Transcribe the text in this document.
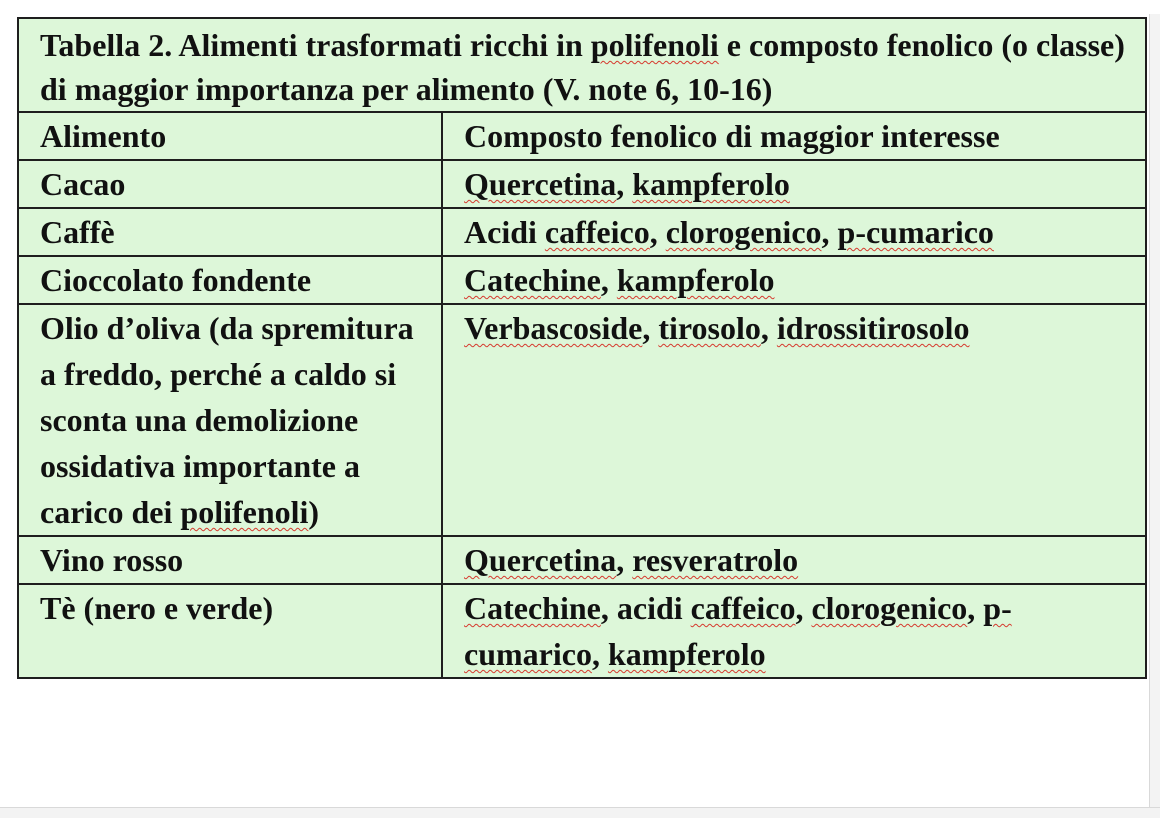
Tabella 2. Alimenti trasformati ricchi in polifenoli e composto fenolico (o classe) di maggior importanza per alimento (V. note 6, 10-16)	
Alimento	Composto fenolico di maggior interesse
Cacao	Quercetina, kampferolo
Caffè	Acidi caffeico, clorogenico, p-cumarico
Cioccolato fondente	Catechine, kampferolo
Olio d’oliva (da spremitura a freddo, perché a caldo si sconta una demolizione ossidativa importante a carico dei polifenoli)	Verbascoside, tirosolo, idrossitirosolo
Vino rosso	Quercetina, resveratrolo
Tè (nero e verde)	Catechine, acidi caffeico, clorogenico, p-cumarico, kampferolo
